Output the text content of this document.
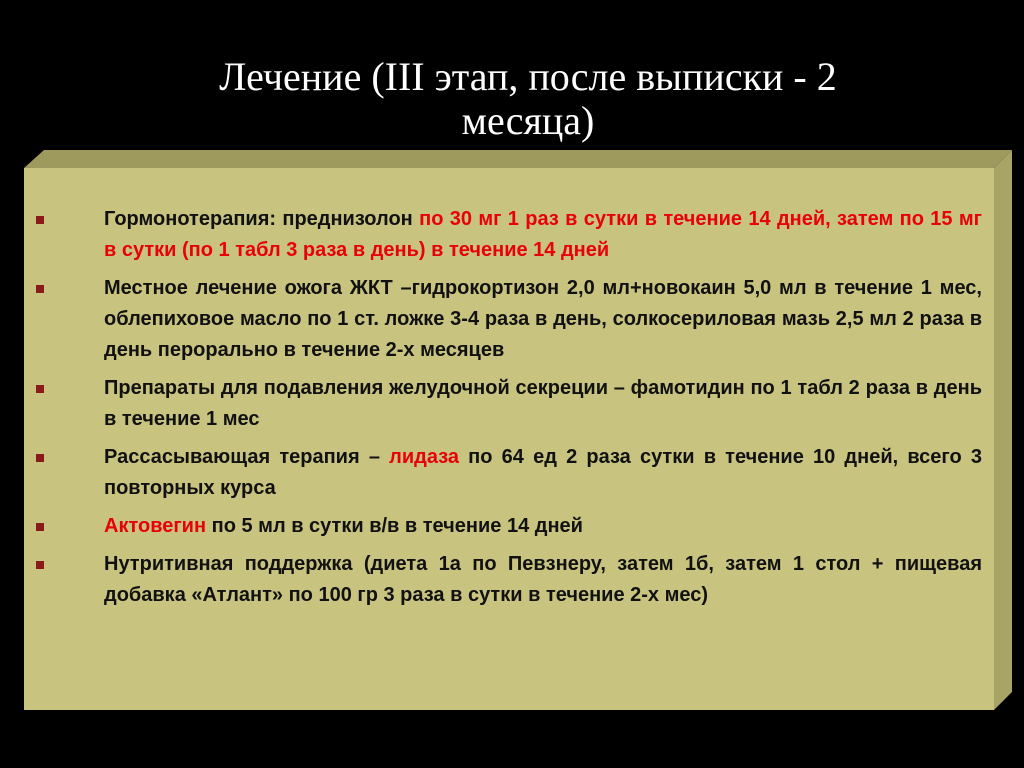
Лечение (III этап, после выписки - 2
месяца)
Гормонотерапия: преднизолон по 30 мг 1 раз в сутки в течение 14 дней, затем по 15 мг в сутки (по 1 табл 3 раза в день) в течение 14 дней
Местное лечение ожога ЖКТ –гидрокортизон 2,0 мл+новокаин 5,0 мл в течение 1 мес, облепиховое масло по 1 ст. ложке 3-4 раза в день, солкосериловая мазь 2,5 мл 2 раза в день перорально в течение 2-х месяцев
Препараты для подавления желудочной секреции – фамотидин по 1 табл 2 раза в день в течение 1 мес
Рассасывающая терапия – лидаза по 64 ед 2 раза сутки в течение 10 дней, всего 3 повторных курса
Актовегин по 5 мл в сутки в/в в течение 14 дней
Нутритивная поддержка (диета 1а по Певзнеру, затем 1б, затем 1 стол + пищевая добавка «Атлант» по 100 гр 3 раза в сутки в течение 2-х мес)
